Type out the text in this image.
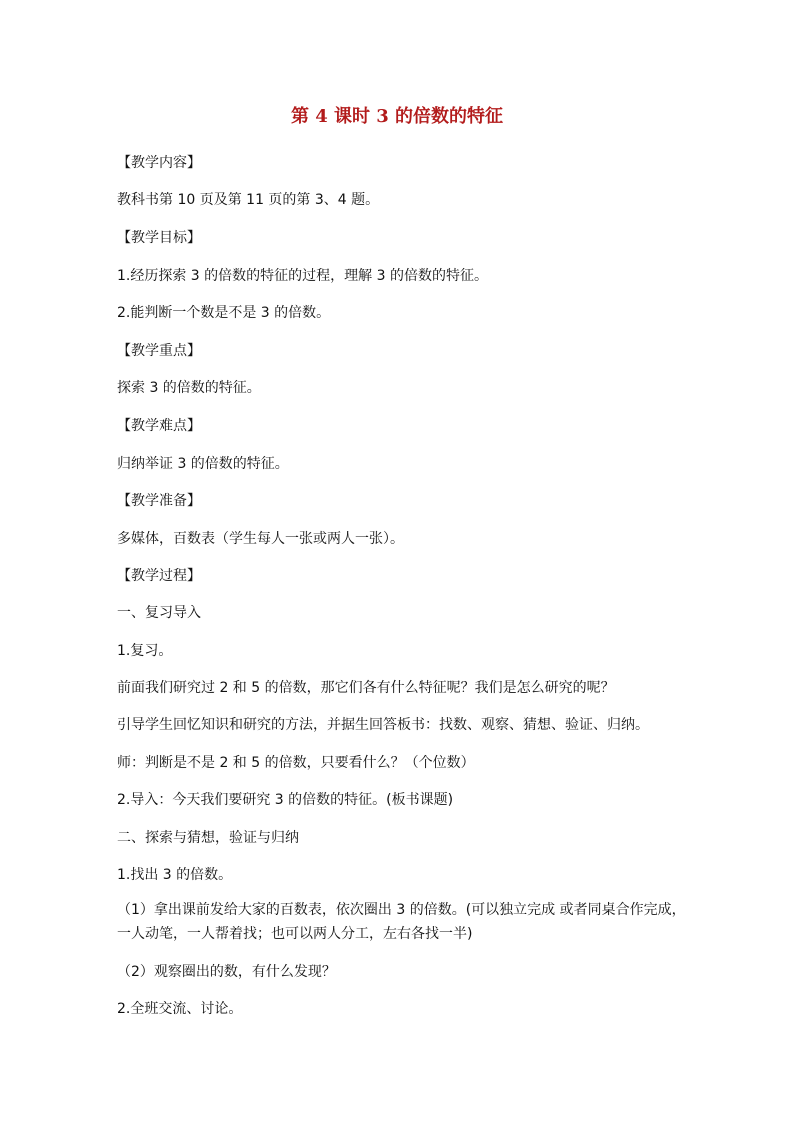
第 4 课时 3 的倍数的特征
【教学内容】
教科书第 10 页及第 11 页的第 3、4 题。
【教学目标】
1.经历探索 3 的倍数的特征的过程，理解 3 的倍数的特征。
2.能判断一个数是不是 3 的倍数。
【教学重点】
探索 3 的倍数的特征。
【教学难点】
归纳举证 3 的倍数的特征。
【教学准备】
多媒体，百数表（学生每人一张或两人一张）。
【教学过程】
一、复习导入
1.复习。
前面我们研究过 2 和 5 的倍数，那它们各有什么特征呢？我们是怎么研究的呢？
引导学生回忆知识和研究的方法，并据生回答板书：找数、观察、猜想、验证、归纳。
师：判断是不是 2 和 5 的倍数，只要看什么？（个位数）
2.导入：今天我们要研究 3 的倍数的特征。(板书课题)
二、探索与猜想，验证与归纳
1.找出 3 的倍数。
（1）拿出课前发给大家的百数表，依次圈出 3 的倍数。(可以独立完成 或者同桌合作完成，一人动笔，一人帮着找；也可以两人分工，左右各找一半)
（2）观察圈出的数，有什么发现？
2.全班交流、讨论。
